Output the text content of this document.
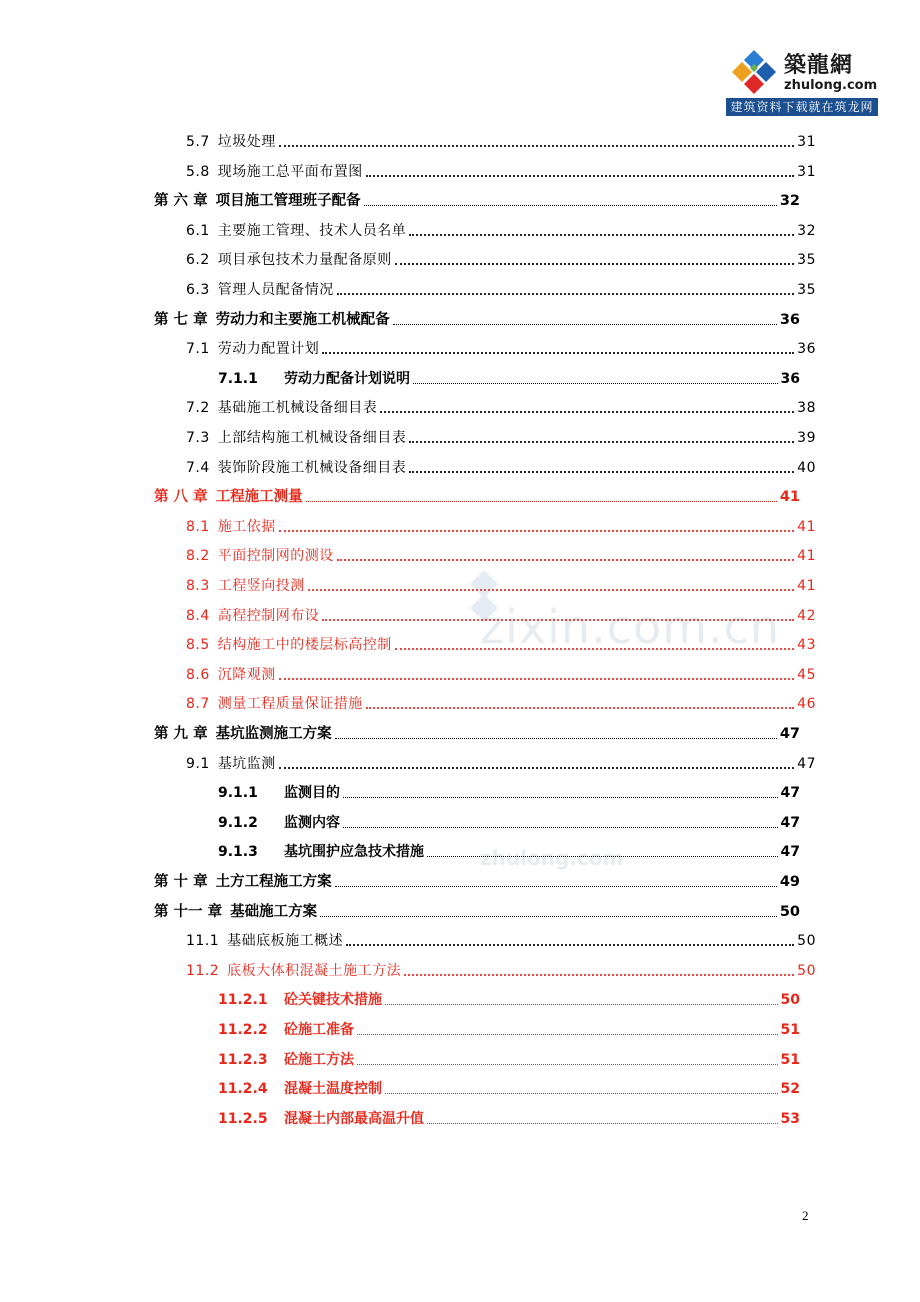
築龍網
zhulong.com
建筑资料下载就在筑龙网
zixin.com.cn
zhulong.com
5.7 垃圾处理	31
5.8 现场施工总平面布置图	31
第 六 章 项目施工管理班子配备	32
6.1 主要施工管理、技术人员名单	32
6.2 项目承包技术力量配备原则	35
6.3 管理人员配备情况	35
第 七 章 劳动力和主要施工机械配备	36
7.1 劳动力配置计划	36
7.1.1	劳动力配备计划说明	36
7.2 基础施工机械设备细目表	38
7.3 上部结构施工机械设备细目表	39
7.4 装饰阶段施工机械设备细目表	40
第 八 章 工程施工测量	41
8.1 施工依据	41
8.2 平面控制网的测设	41
8.3 工程竖向投测	41
8.4 高程控制网布设	42
8.5 结构施工中的楼层标高控制	43
8.6 沉降观测	45
8.7 测量工程质量保证措施	46
第 九 章 基坑监测施工方案	47
9.1 基坑监测	47
9.1.1	监测目的	47
9.1.2	监测内容	47
9.1.3	基坑围护应急技术措施	47
第 十 章 土方工程施工方案	49
第 十一 章 基础施工方案	50
11.1 基础底板施工概述	50
11.2 底板大体积混凝土施工方法	50
11.2.1	砼关键技术措施	50
11.2.2	砼施工准备	51
11.2.3	砼施工方法	51
11.2.4	混凝土温度控制	52
11.2.5	混凝土内部最高温升值	53
2
